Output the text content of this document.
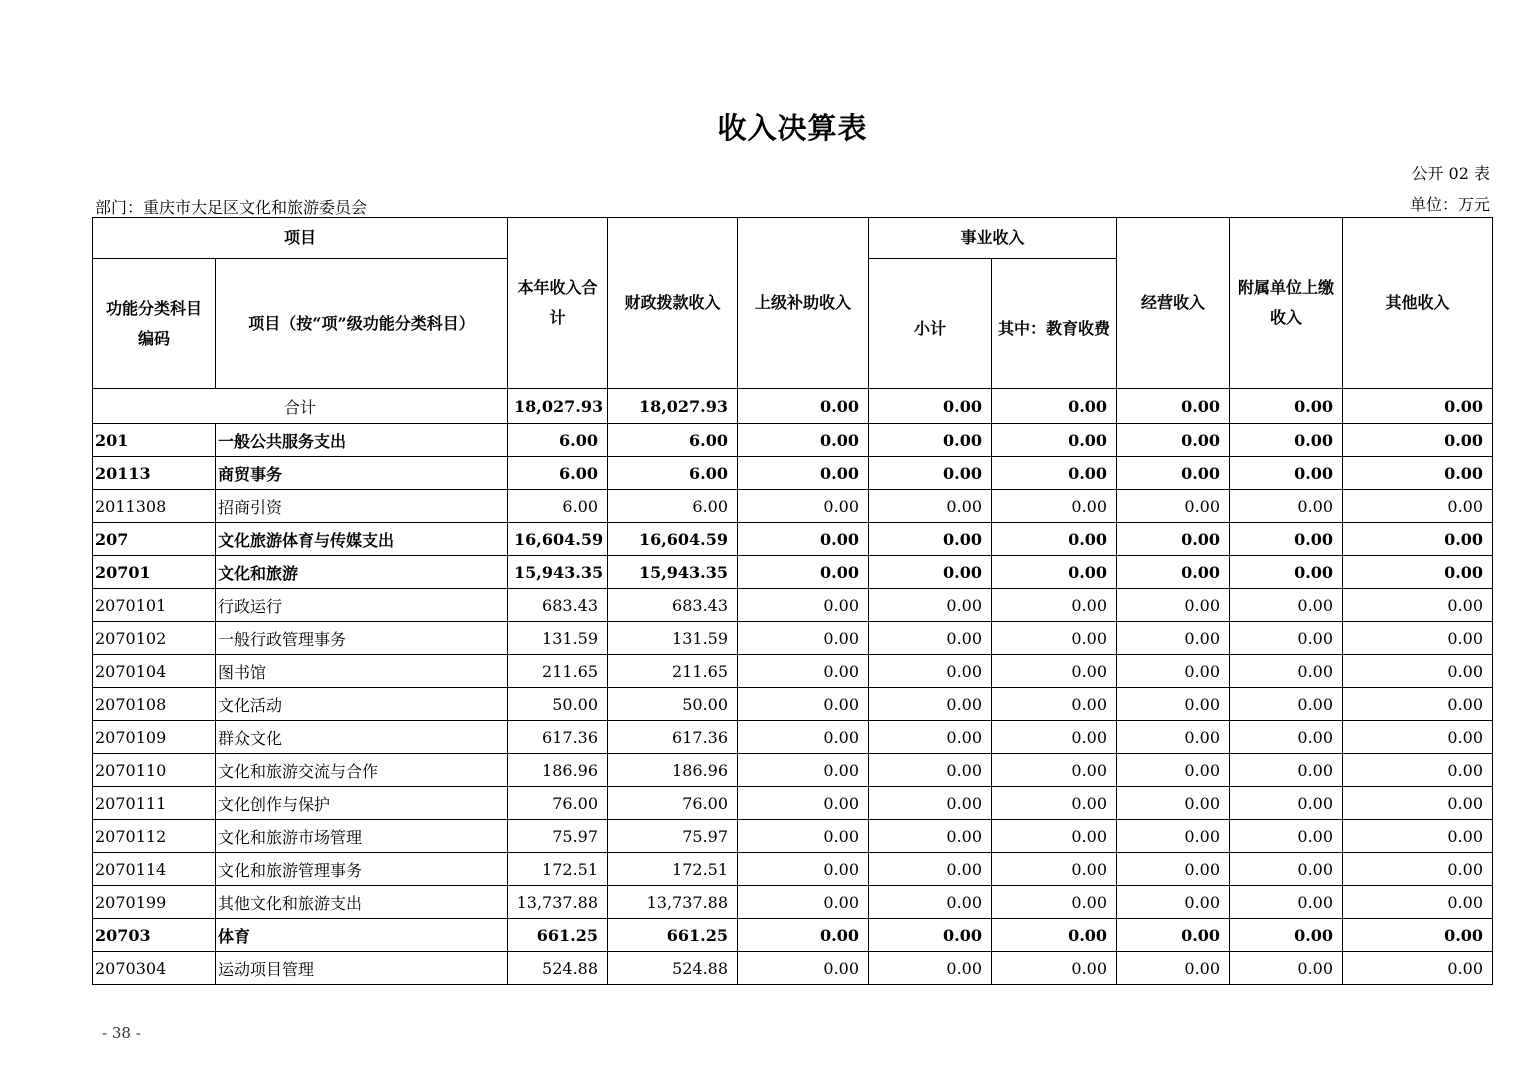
收入决算表
公开 02 表
部门：重庆市大足区文化和旅游委员会	单位：万元
项目		本年收入合计	财政拨款收入	上级补助收入	事业收入		经营收入	附属单位上缴收入	其他收入
功能分类科目编码	项目（按“项”级功能分类科目）				小计	其中：教育收费			
合计		18,027.93	18,027.93	0.00	0.00	0.00	0.00	0.00	0.00
201	一般公共服务支出	6.00	6.00	0.00	0.00	0.00	0.00	0.00	0.00
20113	商贸事务	6.00	6.00	0.00	0.00	0.00	0.00	0.00	0.00
2011308	招商引资	6.00	6.00	0.00	0.00	0.00	0.00	0.00	0.00
207	文化旅游体育与传媒支出	16,604.59	16,604.59	0.00	0.00	0.00	0.00	0.00	0.00
20701	文化和旅游	15,943.35	15,943.35	0.00	0.00	0.00	0.00	0.00	0.00
2070101	行政运行	683.43	683.43	0.00	0.00	0.00	0.00	0.00	0.00
2070102	一般行政管理事务	131.59	131.59	0.00	0.00	0.00	0.00	0.00	0.00
2070104	图书馆	211.65	211.65	0.00	0.00	0.00	0.00	0.00	0.00
2070108	文化活动	50.00	50.00	0.00	0.00	0.00	0.00	0.00	0.00
2070109	群众文化	617.36	617.36	0.00	0.00	0.00	0.00	0.00	0.00
2070110	文化和旅游交流与合作	186.96	186.96	0.00	0.00	0.00	0.00	0.00	0.00
2070111	文化创作与保护	76.00	76.00	0.00	0.00	0.00	0.00	0.00	0.00
2070112	文化和旅游市场管理	75.97	75.97	0.00	0.00	0.00	0.00	0.00	0.00
2070114	文化和旅游管理事务	172.51	172.51	0.00	0.00	0.00	0.00	0.00	0.00
2070199	其他文化和旅游支出	13,737.88	13,737.88	0.00	0.00	0.00	0.00	0.00	0.00
20703	体育	661.25	661.25	0.00	0.00	0.00	0.00	0.00	0.00
2070304	运动项目管理	524.88	524.88	0.00	0.00	0.00	0.00	0.00	0.00
- 38 -
